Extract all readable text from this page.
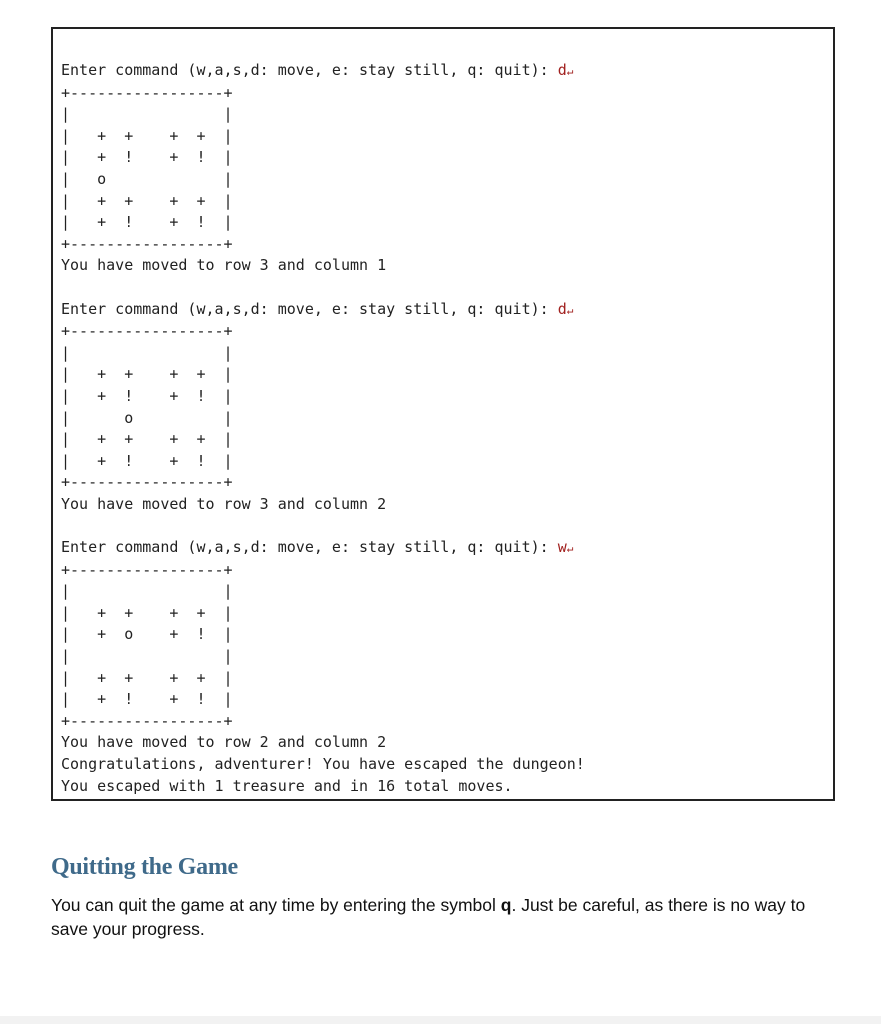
Enter command (w,a,s,d: move, e: stay still, q: quit): d↵
+-----------------+
|                 |
|   +  +    +  +  |
|   +  !    +  !  |
|   o             |
|   +  +    +  +  |
|   +  !    +  !  |
+-----------------+
You have moved to row 3 and column 1
Enter command (w,a,s,d: move, e: stay still, q: quit): d↵
+-----------------+
|                 |
|   +  +    +  +  |
|   +  !    +  !  |
|      o          |
|   +  +    +  +  |
|   +  !    +  !  |
+-----------------+
You have moved to row 3 and column 2
Enter command (w,a,s,d: move, e: stay still, q: quit): w↵
+-----------------+
|                 |
|   +  +    +  +  |
|   +  o    +  !  |
|                 |
|   +  +    +  +  |
|   +  !    +  !  |
+-----------------+
You have moved to row 2 and column 2
Congratulations, adventurer! You have escaped the dungeon!
You escaped with 1 treasure and in 16 total moves.
Quitting the Game

You can quit the game at any time by entering the symbol q. Just be careful, as there is no way to save your progress.
